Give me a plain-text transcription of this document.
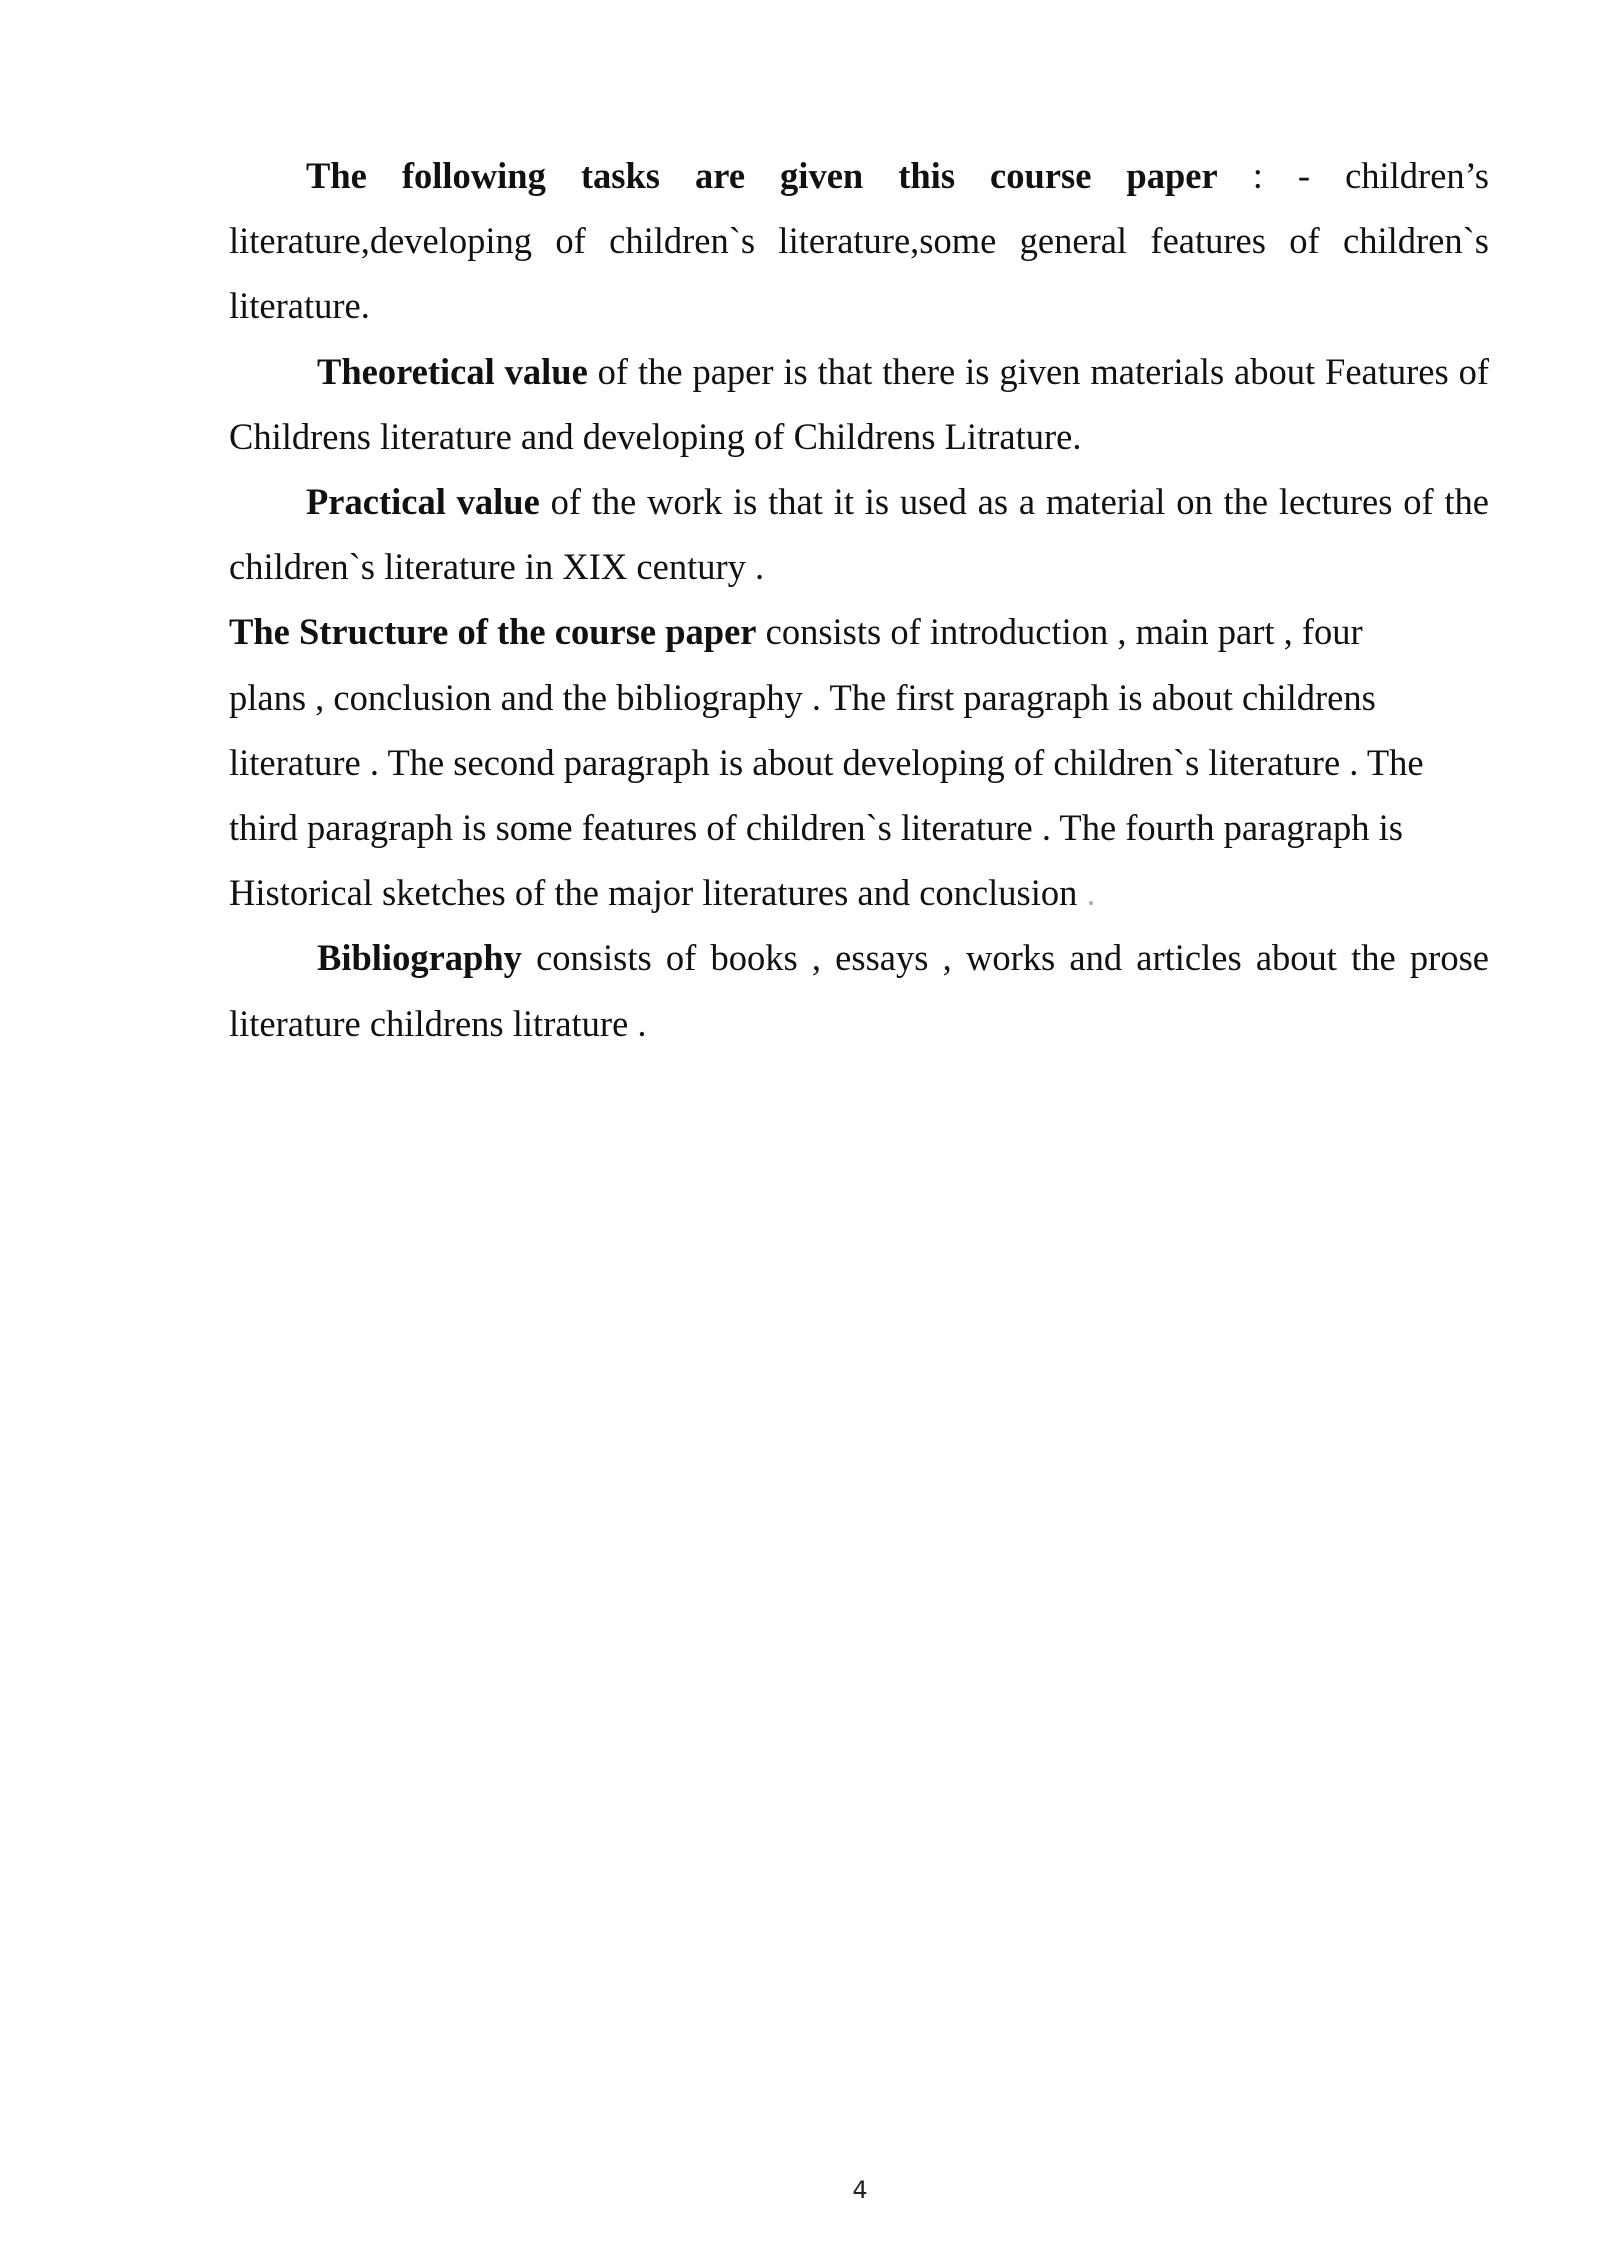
The following tasks are given this course paper : - children’s literature,developing of children`s literature,some general features of children`s literature.

Theoretical value of the paper is that there is given materials about Features of Childrens literature and developing of Childrens Litrature.

Practical value of the work is that it is used as a material on the lectures of the children`s literature in XIX century .

The Structure of the course paper consists of introduction , main part , four
plans , conclusion and the bibliography . The first paragraph is about childrens
literature . The second paragraph is about developing of children`s literature . The
third paragraph is some features of children`s literature . The fourth paragraph is
Historical sketches of the major literatures and conclusion .

Bibliography consists of books , essays , works and articles about the prose literature childrens litrature .

4
